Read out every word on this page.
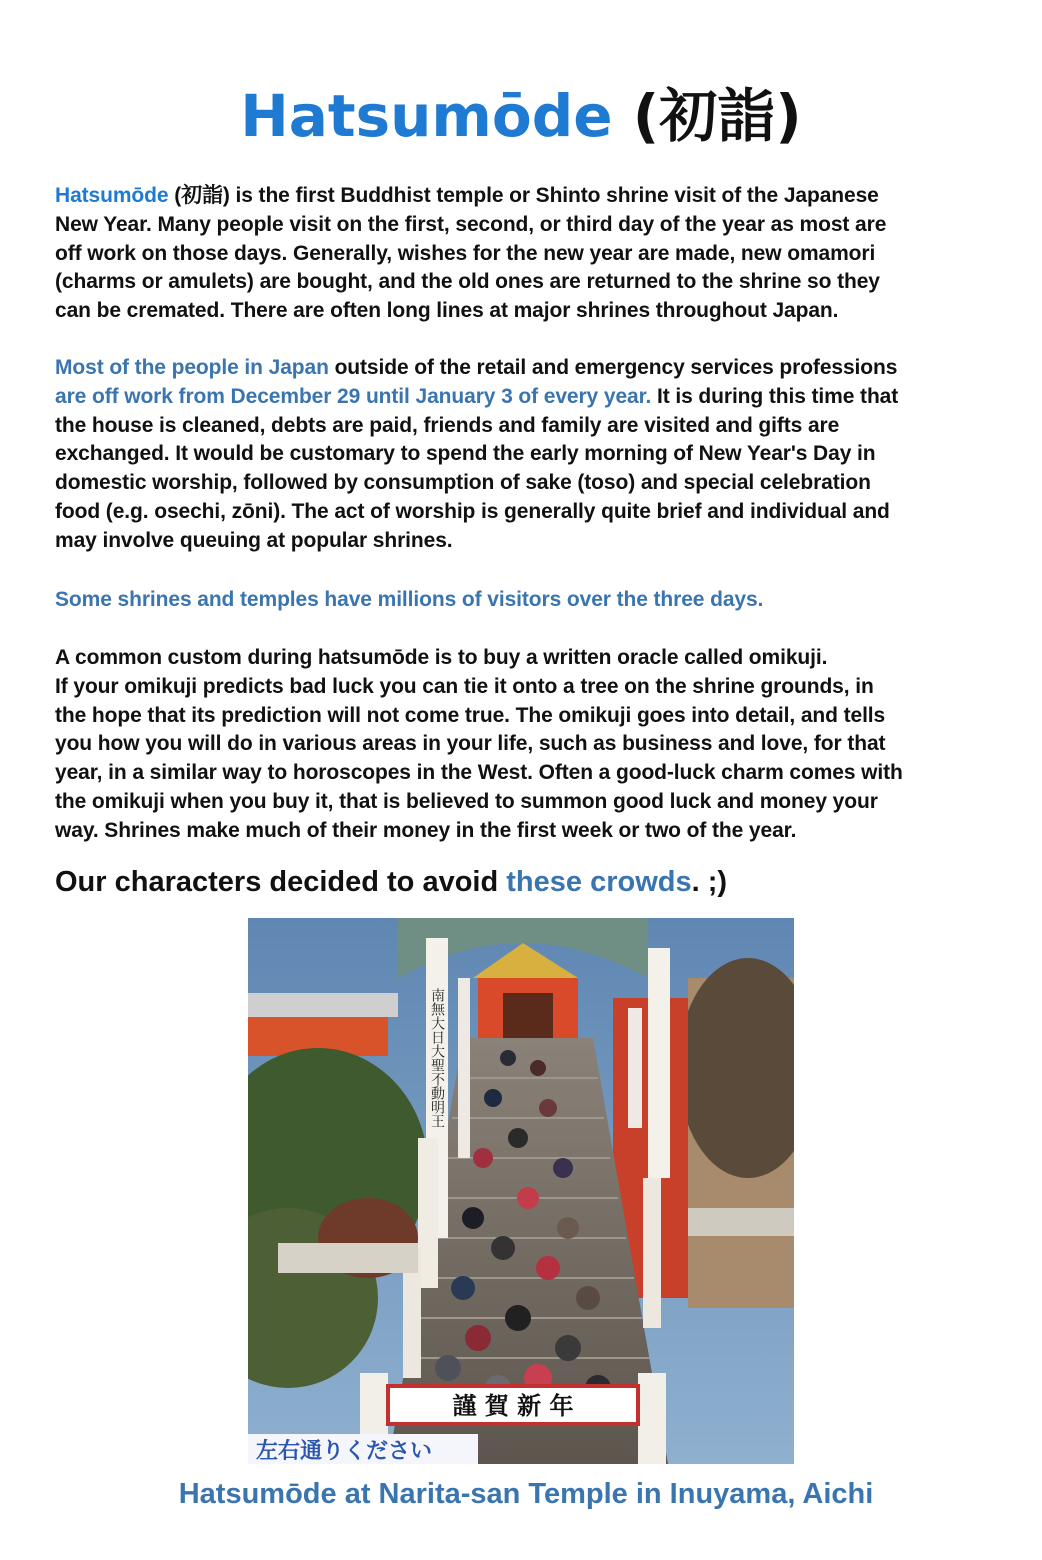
Hatsumōde (初詣)

Hatsumōde (初詣) is the first Buddhist temple or Shinto shrine visit of the Japanese
New Year. Many people visit on the first, second, or third day of the year as most are
off work on those days. Generally, wishes for the new year are made, new omamori
(charms or amulets) are bought, and the old ones are returned to the shrine so they
can be cremated. There are often long lines at major shrines throughout Japan.

Most of the people in Japan outside of the retail and emergency services professions
are off work from December 29 until January 3 of every year. It is during this time that
the house is cleaned, debts are paid, friends and family are visited and gifts are
exchanged. It would be customary to spend the early morning of New Year's Day in
domestic worship, followed by consumption of sake (toso) and special celebration
food (e.g. osechi, zōni). The act of worship is generally quite brief and individual and
may involve queuing at popular shrines.

Some shrines and temples have millions of visitors over the three days.

A common custom during hatsumōde is to buy a written oracle called omikuji.
If your omikuji predicts bad luck you can tie it onto a tree on the shrine grounds, in
the hope that its prediction will not come true. The omikuji goes into detail, and tells
you how you will do in various areas in your life, such as business and love, for that
year, in a similar way to horoscopes in the West. Often a good-luck charm comes with
the omikuji when you buy it, that is believed to summon good luck and money your
way. Shrines make much of their money in the first week or two of the year.

Our characters decided to avoid these crowds. ;)
南無大日大聖不動明王
謹 賀 新 年
左右通りください
Hatsumōde at Narita-san Temple in Inuyama, Aichi
